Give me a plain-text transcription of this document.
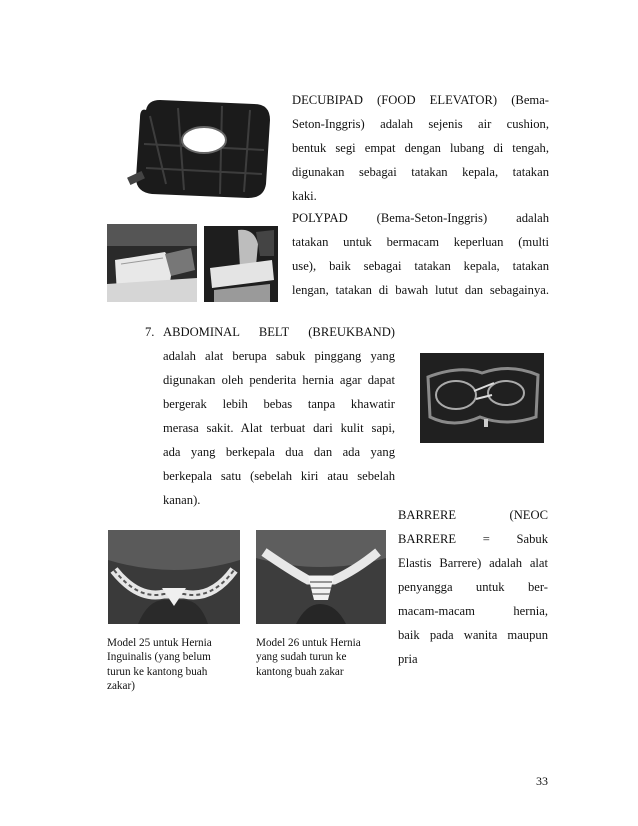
DECUBIPAD (FOOD ELEVATOR) (Bema-

Seton-Inggris) adalah sejenis air cushion,

bentuk segi empat dengan lubang di tengah,

digunakan sebagai tatakan kepala, tatakan

kaki.

POLYPAD (Bema-Seton-Inggris) adalah

tatakan untuk bermacam keperluan (multi

use), baik sebagai tatakan kepala, tatakan

lengan, tatakan di bawah lutut dan sebagainya.

7. ABDOMINAL BELT (BREUKBAND)

adalah alat berupa sabuk pinggang yang

digunakan oleh penderita hernia agar dapat

bergerak lebih bebas tanpa khawatir

merasa sakit. Alat terbuat dari kulit sapi,

ada yang berkepala dua dan ada yang

berkepala satu (sebelah kiri atau sebelah

kanan).

BARRERE (NEOC

BARRERE = Sabuk

Elastis Barrere) adalah alat

penyangga untuk ber-

macam-macam hernia,

baik pada wanita maupun

pria

Model 25 untuk Hernia Inguinalis (yang belum turun ke kantong buah zakar)
Model 26 untuk Hernia yang sudah turun ke kantong buah zakar
33
